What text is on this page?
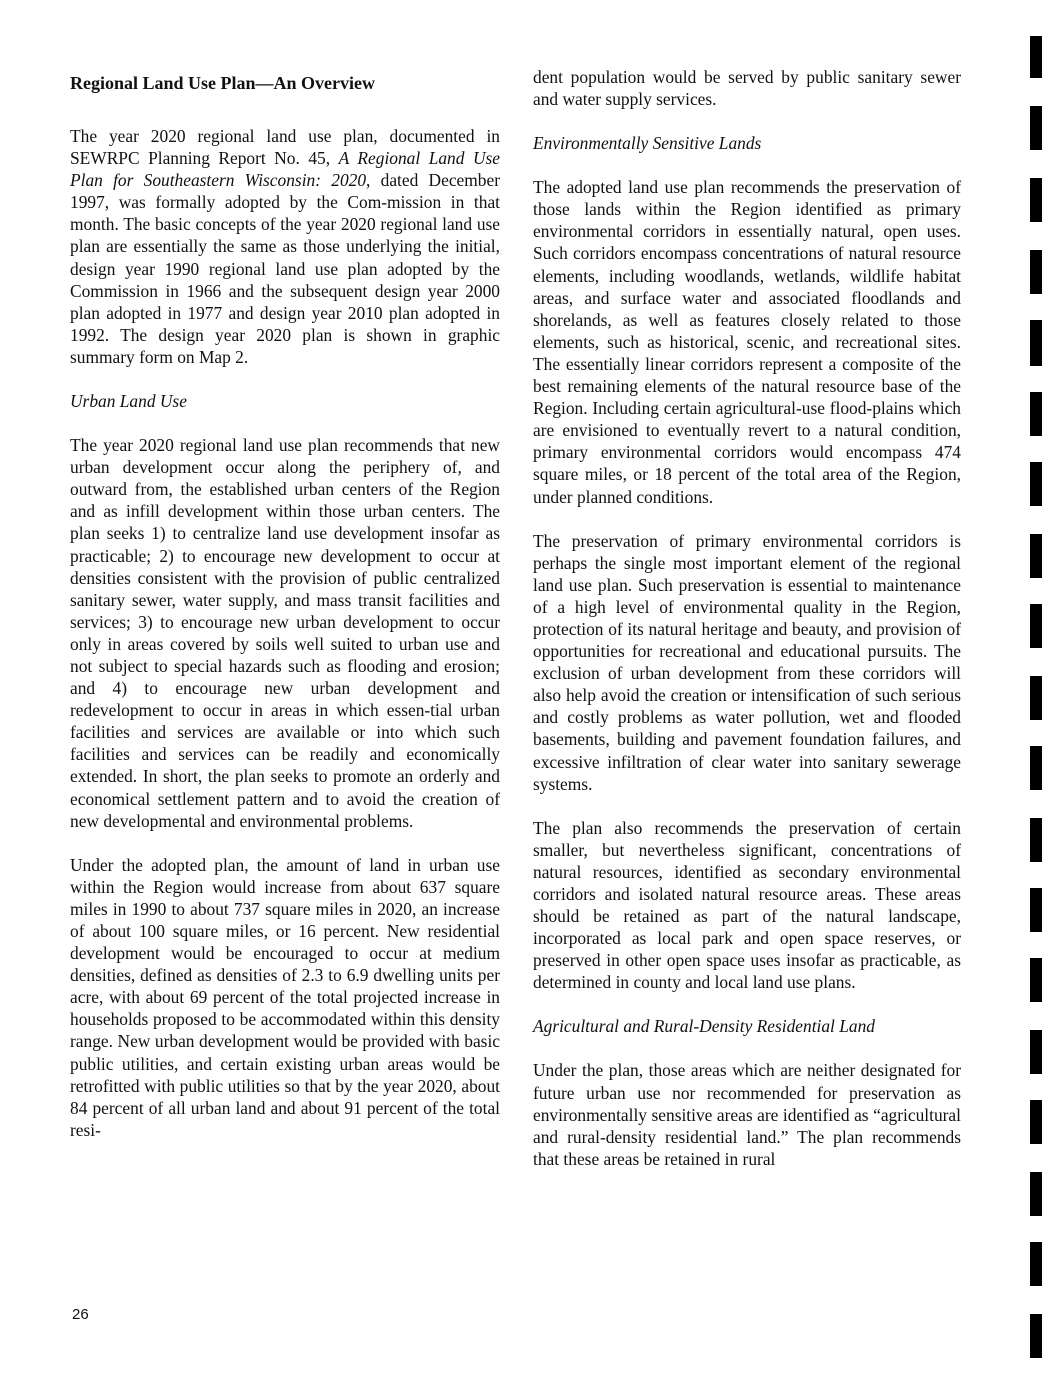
Regional Land Use Plan—An Overview

The year 2020 regional land use plan, documented in SEWRPC Planning Report No. 45, A Regional Land Use Plan for Southeastern Wisconsin: 2020, dated December 1997, was formally adopted by the Com-mission in that month. The basic concepts of the year 2020 regional land use plan are essentially the same as those underlying the initial, design year 1990 regional land use plan adopted by the Commission in 1966 and the subsequent design year 2000 plan adopted in 1977 and design year 2010 plan adopted in 1992. The design year 2020 plan is shown in graphic summary form on Map 2.

Urban Land Use

The year 2020 regional land use plan recommends that new urban development occur along the periphery of, and outward from, the established urban centers of the Region and as infill development within those urban centers. The plan seeks 1) to centralize land use development insofar as practicable; 2) to encourage new development to occur at densities consistent with the provision of public centralized sanitary sewer, water supply, and mass transit facilities and services; 3) to encourage new urban development to occur only in areas covered by soils well suited to urban use and not subject to special hazards such as flooding and erosion; and 4) to encourage new urban development and redevelopment to occur in areas in which essen-tial urban facilities and services are available or into which such facilities and services can be readily and economically extended. In short, the plan seeks to promote an orderly and economical settlement pattern and to avoid the creation of new developmental and environmental problems.

Under the adopted plan, the amount of land in urban use within the Region would increase from about 637 square miles in 1990 to about 737 square miles in 2020, an increase of about 100 square miles, or 16 percent. New residential development would be encouraged to occur at medium densities, defined as densities of 2.3 to 6.9 dwelling units per acre, with about 69 percent of the total projected increase in households proposed to be accommodated within this density range. New urban development would be provided with basic public utilities, and certain existing urban areas would be retrofitted with public utilities so that by the year 2020, about 84 percent of all urban land and about 91 percent of the total resi-

dent population would be served by public sanitary sewer and water supply services.

Environmentally Sensitive Lands

The adopted land use plan recommends the preservation of those lands within the Region identified as primary environmental corridors in essentially natural, open uses. Such corridors encompass concentrations of natural resource elements, including woodlands, wetlands, wildlife habitat areas, and surface water and associated floodlands and shorelands, as well as features closely related to those elements, such as historical, scenic, and recreational sites. The essentially linear corridors represent a composite of the best remaining elements of the natural resource base of the Region. Including certain agricultural-use flood-plains which are envisioned to eventually revert to a natural condition, primary environmental corridors would encompass 474 square miles, or 18 percent of the total area of the Region, under planned conditions.

The preservation of primary environmental corridors is perhaps the single most important element of the regional land use plan. Such preservation is essential to maintenance of a high level of environmental quality in the Region, protection of its natural heritage and beauty, and provision of opportunities for recreational and educational pursuits. The exclusion of urban development from these corridors will also help avoid the creation or intensification of such serious and costly problems as water pollution, wet and flooded basements, building and pavement foundation failures, and excessive infiltration of clear water into sanitary sewerage systems.

The plan also recommends the preservation of certain smaller, but nevertheless significant, concentrations of natural resources, identified as secondary environmental corridors and isolated natural resource areas. These areas should be retained as part of the natural landscape, incorporated as local park and open space reserves, or preserved in other open space uses insofar as practicable, as determined in county and local land use plans.

Agricultural and Rural-Density Residential Land

Under the plan, those areas which are neither designated for future urban use nor recommended for preservation as environmentally sensitive areas are identified as “agricultural and rural-density residential land.” The plan recommends that these areas be retained in rural

26
